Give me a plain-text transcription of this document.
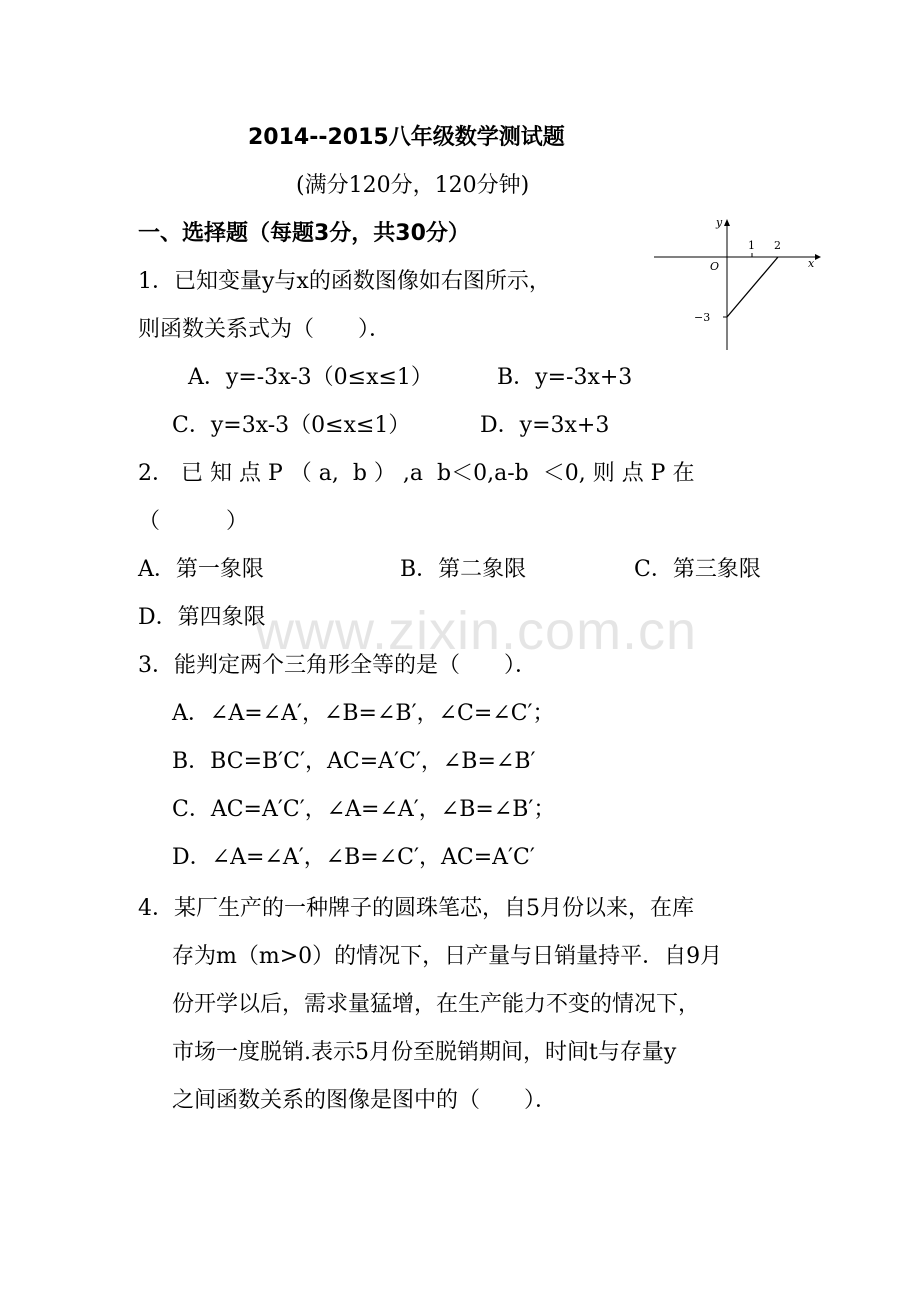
2014--2015八年级数学测试题
(满分120分，120分钟)
一、选择题（每题3分，共30分）
1．已知变量y与x的函数图像如右图所示，
则函数关系式为（　　）．
A．y=-3x-3（0≤x≤1）	B．y=-3x+3
C．y=3x-3（0≤x≤1）	D．y=3x+3
y
x
O
1 2
−3
2． 已 知 点 P （ a,  b ） ,a  b＜0,a-b  ＜0, 则 点 P 在
（　　　）
A．第一象限	B．第二象限	C．第三象限
D．第四象限
www.zixin.com.cn
3．能判定两个三角形全等的是（　　）．
A．∠A=∠A′，∠B=∠B′，∠C=∠C′；
B．BC=B′C′，AC=A′C′，∠B=∠B′
C．AC=A′C′，∠A=∠A′，∠B=∠B′；
D．∠A=∠A′，∠B=∠C′，AC=A′C′
4．某厂生产的一种牌子的圆珠笔芯，自5月份以来，在库
存为m（m>0）的情况下，日产量与日销量持平．自9月
份开学以后，需求量猛增，在生产能力不变的情况下，
市场一度脱销.表示5月份至脱销期间，时间t与存量y
之间函数关系的图像是图中的（　　）．
